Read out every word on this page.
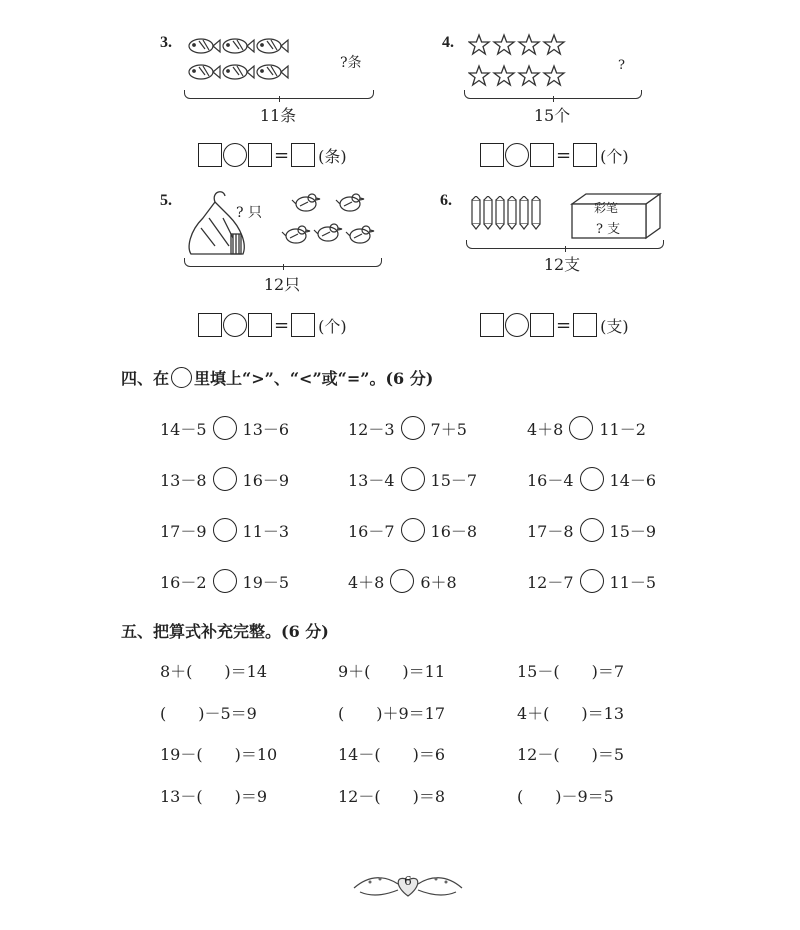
3.
?条
11条
= (条)
4.
?
15个
= (个)
5.
? 只
12只
= (个)
6.	彩笔
? 支
12支
= (支)
四、在 里填上“>”、“<”或“=”。(6 分)
14－5 13－6	12－3 7＋5	4＋8 11－2
13－8 16－9	13－4 15－7	16－4 14－6
17－9 11－3	16－7 16－8	17－8 15－9
16－2 19－5	4＋8 6＋8	12－7 11－5
五、把算式补充完整。(6 分)
8＋(　　)＝14	9＋(　　)＝11	15－(　　)＝7
(　　)－5＝9	(　　)＋9＝17	4＋(　　)＝13
19－(　　)＝10	14－(　　)＝6	12－(　　)＝5
13－(　　)＝9	12－(　　)＝8	(　　)－9＝5
6
